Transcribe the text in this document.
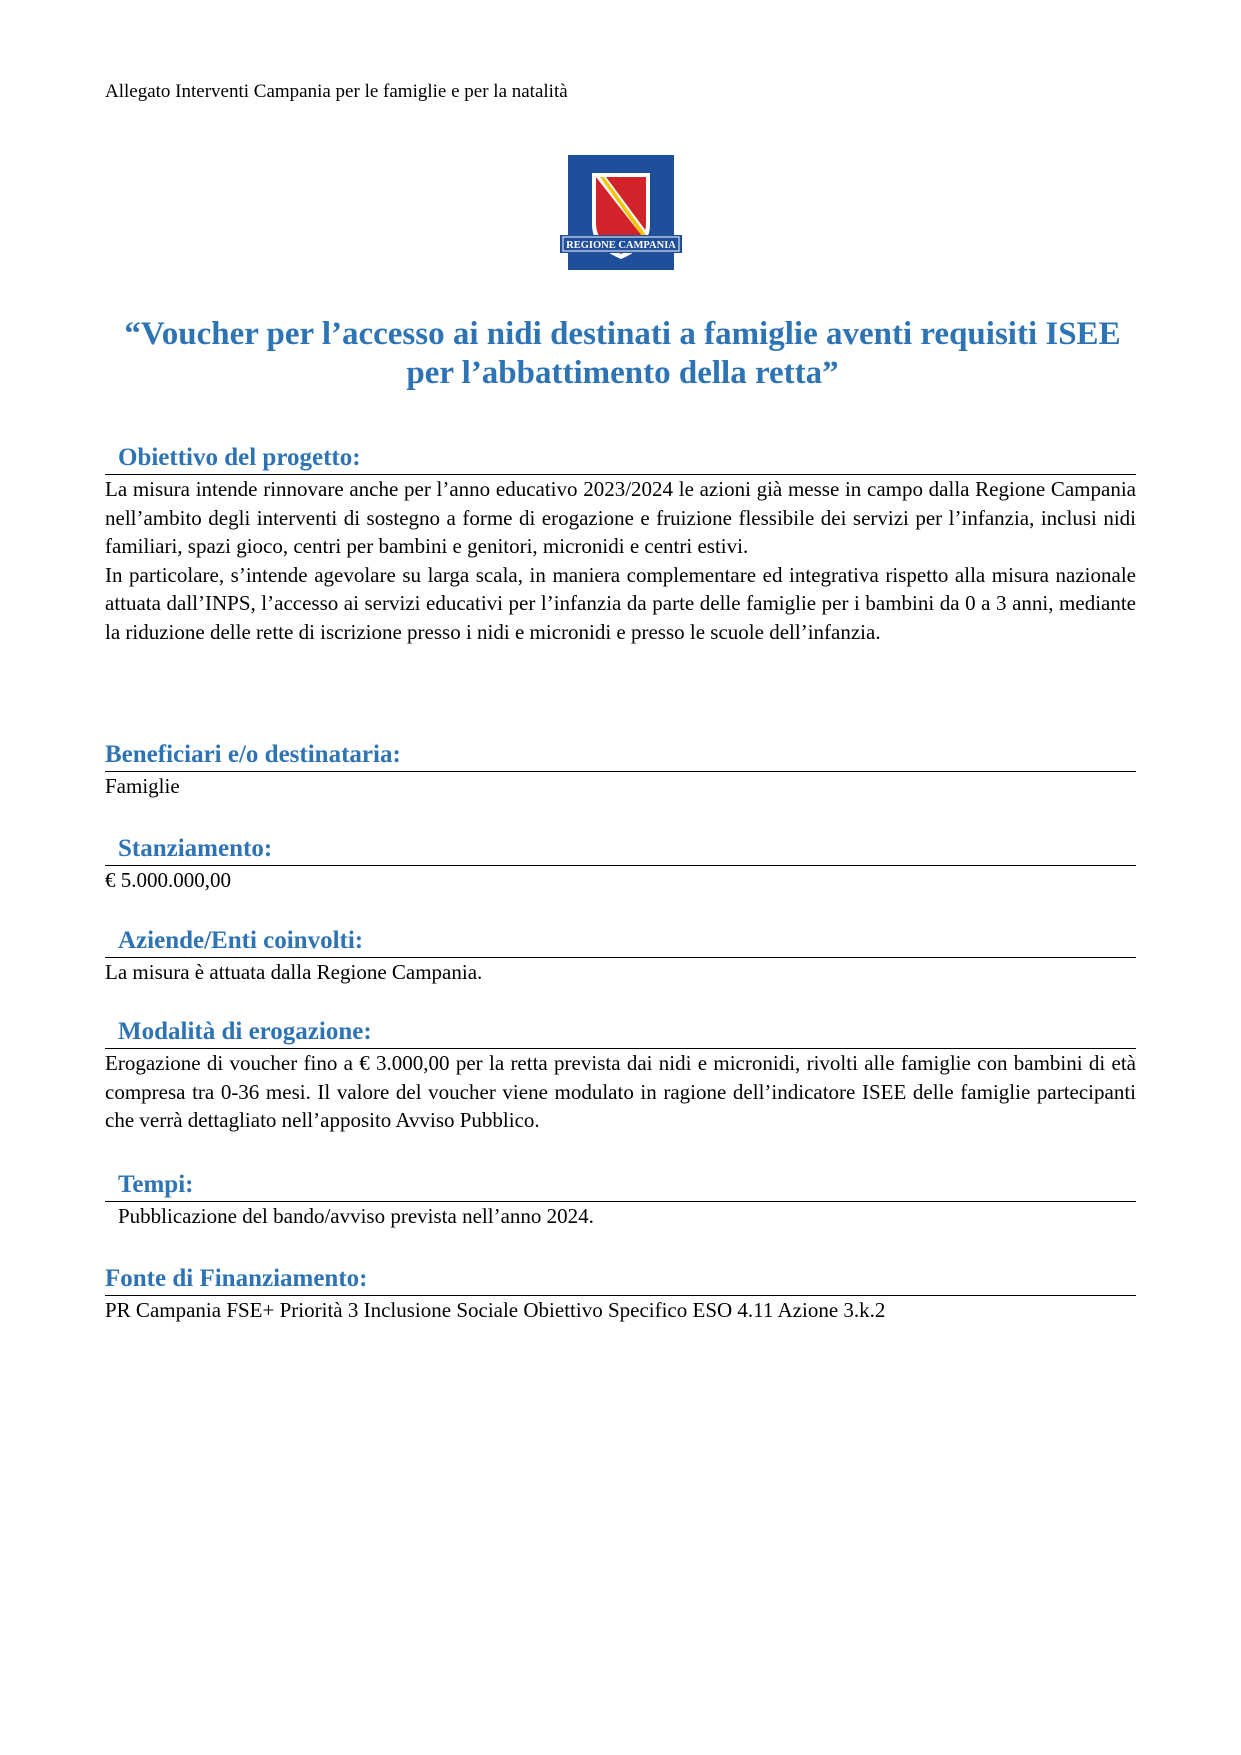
Allegato Interventi Campania per le famiglie e per la natalità
REGIONE CAMPANIA
“Voucher per l’accesso ai nidi destinati a famiglie aventi requisiti ISEE
per l’abbattimento della retta”
Obiettivo del progetto:

La misura intende rinnovare anche per l’anno educativo 2023/2024 le azioni già messe in campo dalla Regione Campania nell’ambito degli interventi di sostegno a forme di erogazione e fruizione flessibile dei servizi per l’infanzia, inclusi nidi familiari, spazi gioco, centri per bambini e genitori, micronidi e centri estivi.

In particolare, s’intende agevolare su larga scala, in maniera complementare ed integrativa rispetto alla misura nazionale attuata dall’INPS, l’accesso ai servizi educativi per l’infanzia da parte delle famiglie per i bambini da 0 a 3 anni, mediante la riduzione delle rette di iscrizione presso i nidi e micronidi e presso le scuole dell’infanzia.

Beneficiari e/o destinataria:

Famiglie

Stanziamento:

€ 5.000.000,00

Aziende/Enti coinvolti:

La misura è attuata dalla Regione Campania.

Modalità di erogazione:

Erogazione di voucher fino a € 3.000,00 per la retta prevista dai nidi e micronidi, rivolti alle famiglie con bambini di età compresa tra 0-36 mesi. Il valore del voucher viene modulato in ragione dell’indicatore ISEE delle famiglie partecipanti che verrà dettagliato nell’apposito Avviso Pubblico.

Tempi:

Pubblicazione del bando/avviso prevista nell’anno 2024.

Fonte di Finanziamento:

PR Campania FSE+ Priorità 3 Inclusione Sociale Obiettivo Specifico ESO 4.11 Azione 3.k.2
